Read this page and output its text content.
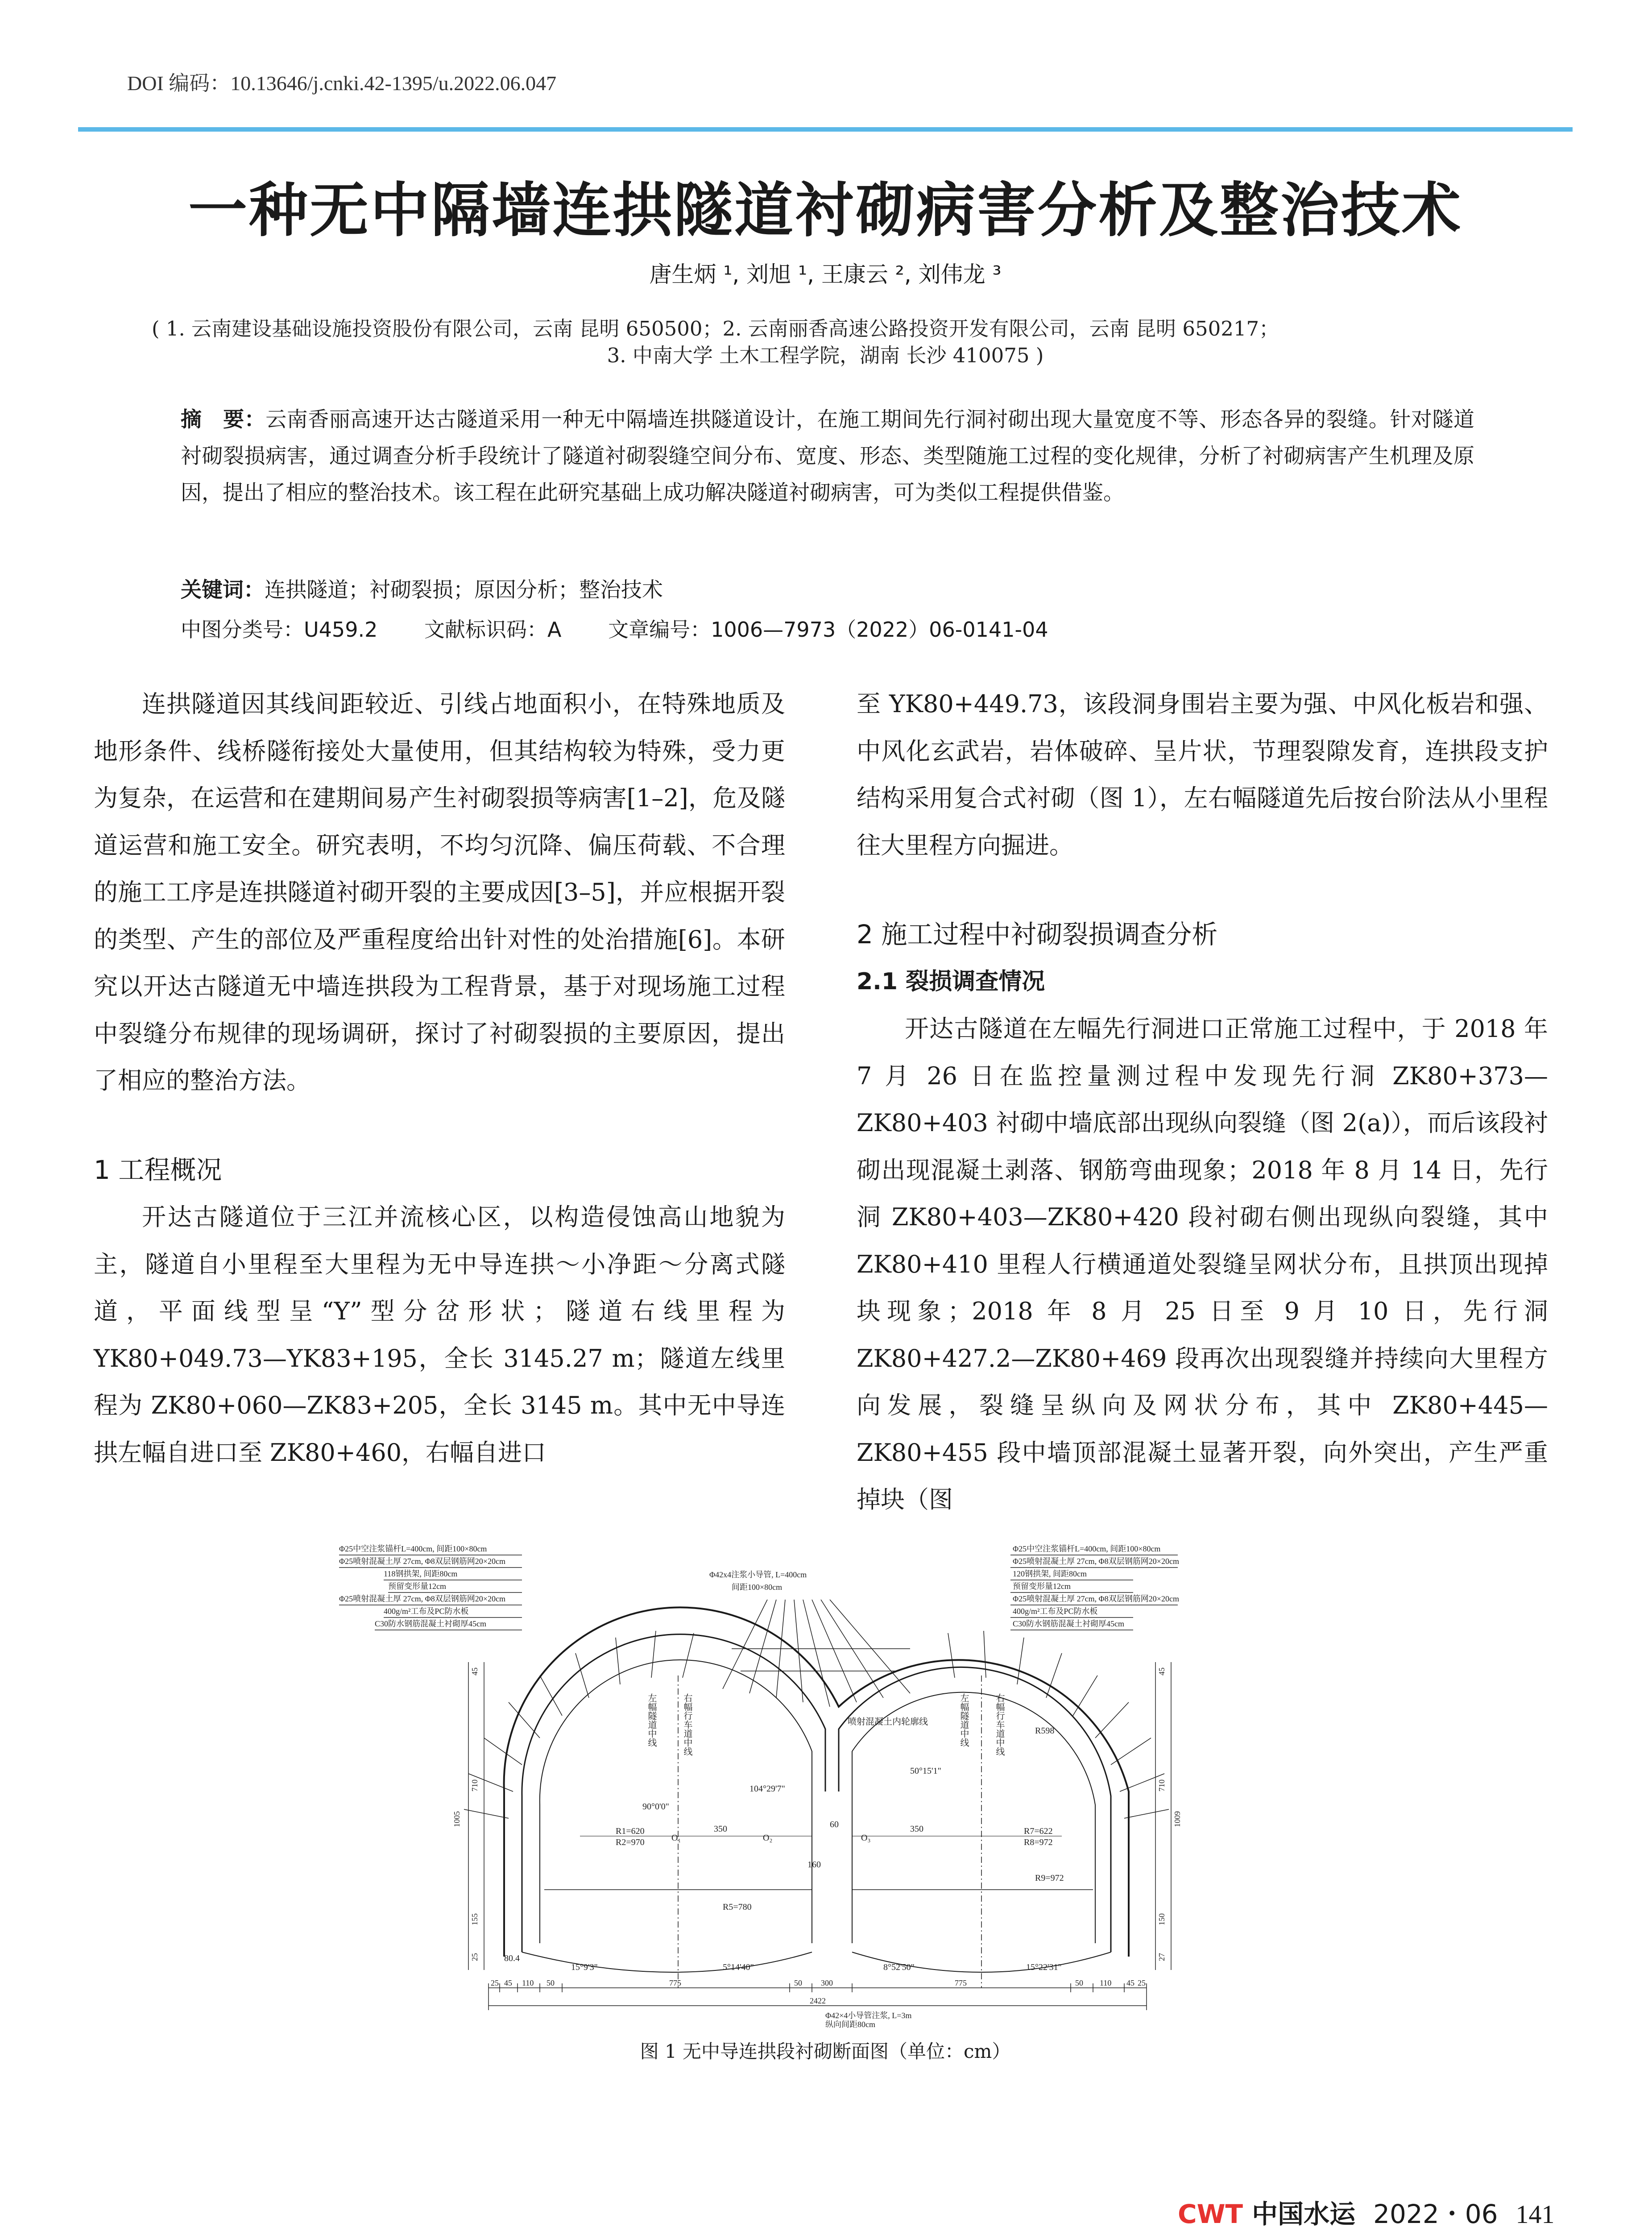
DOI 编码：10.13646/j.cnki.42-1395/u.2022.06.047
一种无中隔墙连拱隧道衬砌病害分析及整治技术
唐生炳 ¹, 刘旭 ¹, 王康云 ², 刘伟龙 ³
( 1. 云南建设基础设施投资股份有限公司，云南 昆明 650500；2. 云南丽香高速公路投资开发有限公司，云南 昆明 650217；
3. 中南大学 土木工程学院，湖南 长沙 410075 )
摘　要：云南香丽高速开达古隧道采用一种无中隔墙连拱隧道设计，在施工期间先行洞衬砌出现大量宽度不等、形态各异的裂缝。针对隧道衬砌裂损病害，通过调查分析手段统计了隧道衬砌裂缝空间分布、宽度、形态、类型随施工过程的变化规律，分析了衬砌病害产生机理及原因，提出了相应的整治技术。该工程在此研究基础上成功解决隧道衬砌病害，可为类似工程提供借鉴。
关键词：连拱隧道；衬砌裂损；原因分析；整治技术
中图分类号：U459.2 文献标识码：A 文章编号：1006—7973（2022）06-0141-04

连拱隧道因其线间距较近、引线占地面积小，在特殊地质及地形条件、线桥隧衔接处大量使用，但其结构较为特殊，受力更为复杂，在运营和在建期间易产生衬砌裂损等病害[1–2]，危及隧道运营和施工安全。研究表明，不均匀沉降、偏压荷载、不合理的施工工序是连拱隧道衬砌开裂的主要成因[3–5]，并应根据开裂的类型、产生的部位及严重程度给出针对性的处治措施[6]。本研究以开达古隧道无中墙连拱段为工程背景，基于对现场施工过程中裂缝分布规律的现场调研，探讨了衬砌裂损的主要原因，提出了相应的整治方法。

1 工程概况

开达古隧道位于三江并流核心区，以构造侵蚀高山地貌为主，隧道自小里程至大里程为无中导连拱～小净距～分离式隧道，平面线型呈“Y”型分岔形状；隧道右线里程为 YK80+049.73—YK83+195，全长 3145.27 m；隧道左线里程为 ZK80+060—ZK83+205，全长 3145 m。其中无中导连拱左幅自进口至 ZK80+460，右幅自进口

至 YK80+449.73，该段洞身围岩主要为强、中风化板岩和强、中风化玄武岩，岩体破碎、呈片状，节理裂隙发育，连拱段支护结构采用复合式衬砌（图 1），左右幅隧道先后按台阶法从小里程往大里程方向掘进。

2 施工过程中衬砌裂损调查分析

2.1 裂损调查情况

开达古隧道在左幅先行洞进口正常施工过程中，于 2018 年 7 月 26 日在监控量测过程中发现先行洞 ZK80+373—ZK80+403 衬砌中墙底部出现纵向裂缝（图 2(a)），而后该段衬砌出现混凝土剥落、钢筋弯曲现象；2018 年 8 月 14 日，先行洞 ZK80+403—ZK80+420 段衬砌右侧出现纵向裂缝，其中 ZK80+410 里程人行横通道处裂缝呈网状分布，且拱顶出现掉块现象；2018 年 8 月 25 日至 9 月 10 日，先行洞 ZK80+427.2—ZK80+469 段再次出现裂缝并持续向大里程方向发展，裂缝呈纵向及网状分布，其中 ZK80+445—ZK80+455 段中墙顶部混凝土显著开裂，向外突出，产生严重掉块（图

Φ25中空注浆锚杆L=400cm, 间距100×80cm
Φ25喷射混凝土厚 27cm, Φ8双层钢筋网20×20cm
118钢拱架, 间距80cm
预留变形量12cm
Φ25喷射混凝土厚 27cm, Φ8双层钢筋网20×20cm
400g/m²工布及PC防水板
C30防水钢筋混凝土衬砌厚45cm
Φ25中空注浆锚杆L=400cm, 间距100×80cm
Φ25喷射混凝土厚 27cm, Φ8双层钢筋网20×20cm
120钢拱架, 间距80cm
预留变形量12cm
Φ25喷射混凝土厚 27cm, Φ8双层钢筋网20×20cm
400g/m²工布及PC防水板
C30防水钢筋混凝土衬砌厚45cm
Φ42x4注浆小导管, L=400cm
间距100×80cm
左幅隧道中线	右幅行车道中线	左幅隧道中线	右幅行车道中线
喷射混凝土内轮廓线
R1=620
R2=970
R7=622
R8=972
R5=780
R9=972
R598
O₁	O₂	O₃
350	350
104°29'7"
90°0'0"
50°15'1"
15°9'3"	5°14'40"	8°52'50"	15°22'31"
80.4
60
160
1005
710
155
45
25
1009
710
150
45
27
25 45 110 50	775	300
50	775	50 110 45 25
2422
Φ42×4小导管注浆, L=3m
纵向间距80cm
图 1 无中导连拱段衬砌断面图（单位：cm）
CWT 中国水运 2022・06 141
